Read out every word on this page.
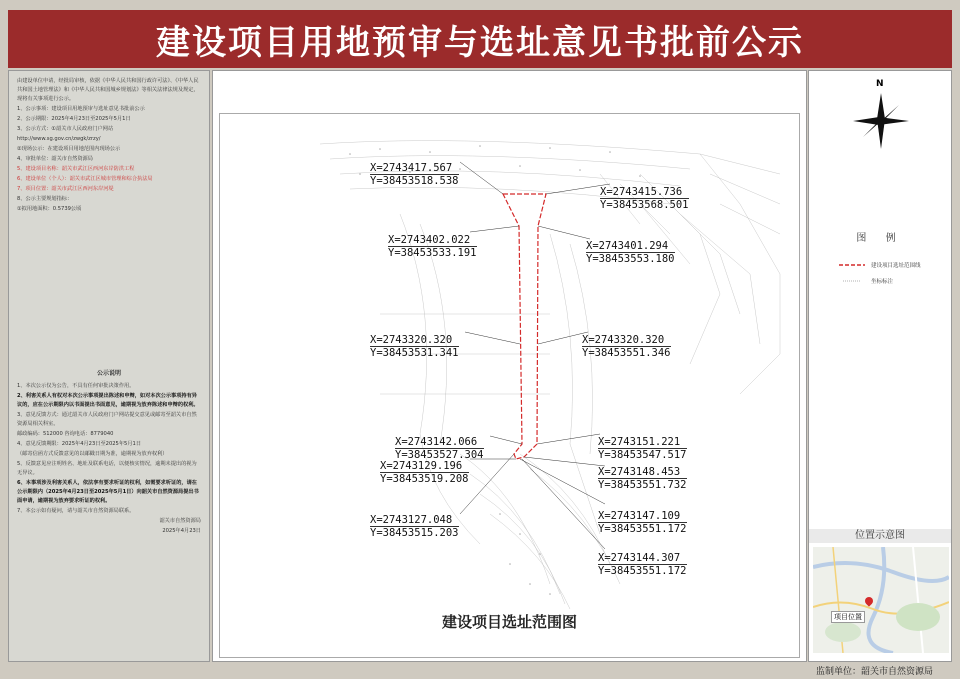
建设项目用地预审与选址意见书批前公示

由建设单位申请，经批局审核，依据《中华人民共和国行政许可法》、《中华人民共和国土地管理法》和《中华人民共和国城乡规划法》等相关法律法规及规定，现将有关事项进行公示。

1、公示事项：建设项目用地预审与选址意见书批前公示

2、公示期限：2025年4月23日至2025年5月1日

3、公示方式：①韶关市人民政府门户网站

http://www.sg.gov.cn/zwgk/zrzy/

②现场公示：在建设项目用地范围内现场公示

4、审批单位：韶关市自然资源局

5、建设项目名称：韶关市武江区西河东岸防洪工程

6、建设单位（个人）：韶关市武江区城市管理和综合执法局

7、项目位置：韶关市武江区西河东岸河堤

8、公示主要规划指标：

①拟用地面积：0.5739公顷

公示说明

1、本次公示仅为公告，不具有任何审批决策作用。

2、利害关系人有权对本次公示事项提出陈述和申辩，如对本次公示事项持有异议的，应在公示期限内以书面提出书面意见，逾期视为放弃陈述和申辩的权利。

3、意见反馈方式：通过韶关市人民政府门户网站提交意见或邮寄至韶关市自然资源局相关科室。

邮政编码：512000 咨询电话：8779040

4、意见反馈期限：2025年4月23日至2025年5月1日

（邮寄信函方式反馈意见的以邮戳日期为准，逾期视为放弃权利）

5、反馈意见应注明姓名、地址及联系电话，以便核实情况，逾期未提出的视为无异议。

6、本事项涉及利害关系人，依法享有要求听证的权利，如需要求听证的，请在公示期限内（2025年4月23日至2025年5月1日）向韶关市自然资源局提出书面申请，逾期视为放弃要求听证的权利。

7、本公示如有疑问，请与韶关市自然资源局联系。

韶关市自然资源局

2025年4月23日

X=2743417.567
Y=38453518.538
X=2743415.736
Y=38453568.501
X=2743402.022
Y=38453533.191
X=2743401.294
Y=38453553.180
X=2743320.320
Y=38453531.341
X=2743320.320
Y=38453551.346
X=2743142.066
Y=38453527.304
X=2743151.221
Y=38453547.517
X=2743129.196
Y=38453519.208
X=2743148.453
Y=38453551.732
X=2743127.048
Y=38453515.203
X=2743147.109
Y=38453551.172
X=2743144.307
Y=38453551.172
建设项目选址范围图
N
图 例
建设项目选址范围线
坐标标注
位置示意图
项目位置
监制单位：韶关市自然资源局
